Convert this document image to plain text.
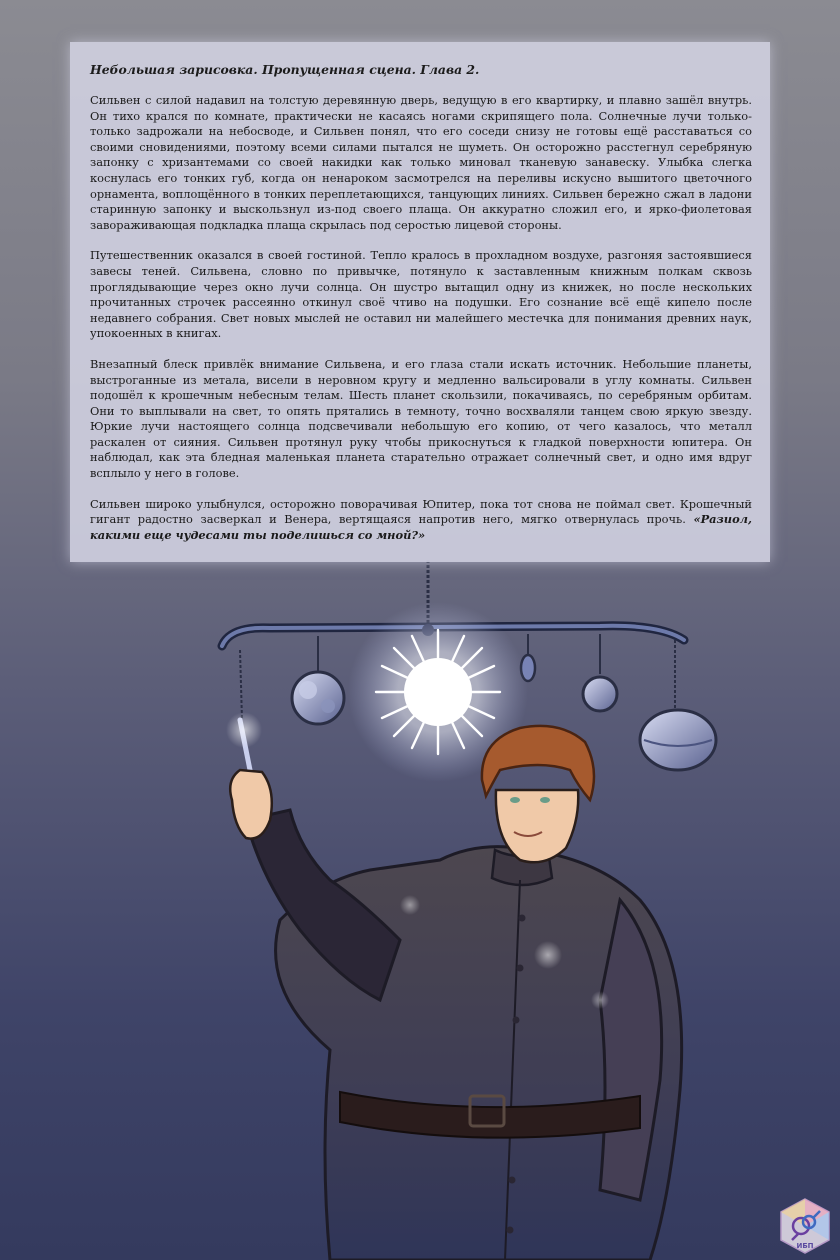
Небольшая зарисовка. Пропущенная сцена. Глава 2.

Сильвен с силой надавил на толстую деревянную дверь, ведущую в его квартирку, и плавно зашёл внутрь. Он тихо крался по комнате, практически не касаясь ногами скрипящего пола. Солнечные лучи только-только задрожали на небосводе, и Сильвен понял, что его соседи снизу не готовы ещё расставаться со своими сновидениями, поэтому всеми силами пытался не шуметь. Он осторожно расстегнул серебряную запонку с хризантемами со своей накидки как только миновал тканевую занавеску. Улыбка слегка коснулась его тонких губ, когда он ненароком засмотрелся на переливы искусно вышитого цветочного орнамента, воплощённого в тонких переплетающихся, танцующих линиях. Сильвен бережно сжал в ладони старинную запонку и выскользнул из-под своего плаща. Он аккуратно сложил его, и ярко-фиолетовая завораживающая подкладка плаща скрылась под серостью лицевой стороны.

Путешественник оказался в своей гостиной. Тепло кралось в прохладном воздухе, разгоняя застоявшиеся завесы теней. Сильвена, словно по привычке, потянуло к заставленным книжным полкам сквозь проглядывающие через окно лучи солнца. Он шустро вытащил одну из книжек, но после нескольких прочитанных строчек рассеянно откинул своё чтиво на подушки. Его сознание всё ещё кипело после недавнего собрания. Свет новых мыслей не оставил ни малейшего местечка для понимания древних наук, упокоенных в книгах.

Внезапный блеск привлёк внимание Сильвена, и его глаза стали искать источник. Небольшие планеты, выстроганные из метала, висели в неровном кругу и медленно вальсировали в углу комнаты. Сильвен подошёл к крошечным небесным телам. Шесть планет скользили, покачиваясь, по серебряным орбитам. Они то выплывали на свет, то опять прятались в темноту, точно восхваляли танцем свою яркую звезду. Юркие лучи настоящего солнца подсвечивали небольшую его копию, от чего казалось, что металл раскален от сияния. Сильвен протянул руку чтобы прикоснуться к гладкой поверхности юпитера. Он наблюдал, как эта бледная маленькая планета старательно отражает солнечный свет, и одно имя вдруг всплыло у него в голове.

Сильвен широко улыбнулся, осторожно поворачивая Юпитер, пока тот снова не поймал свет. Крошечный гигант радостно засверкал и Венера, вертящаяся напротив него, мягко отвернулась прочь. «Разиол, какими еще чудесами ты поделишься со мной?»

ИБП
